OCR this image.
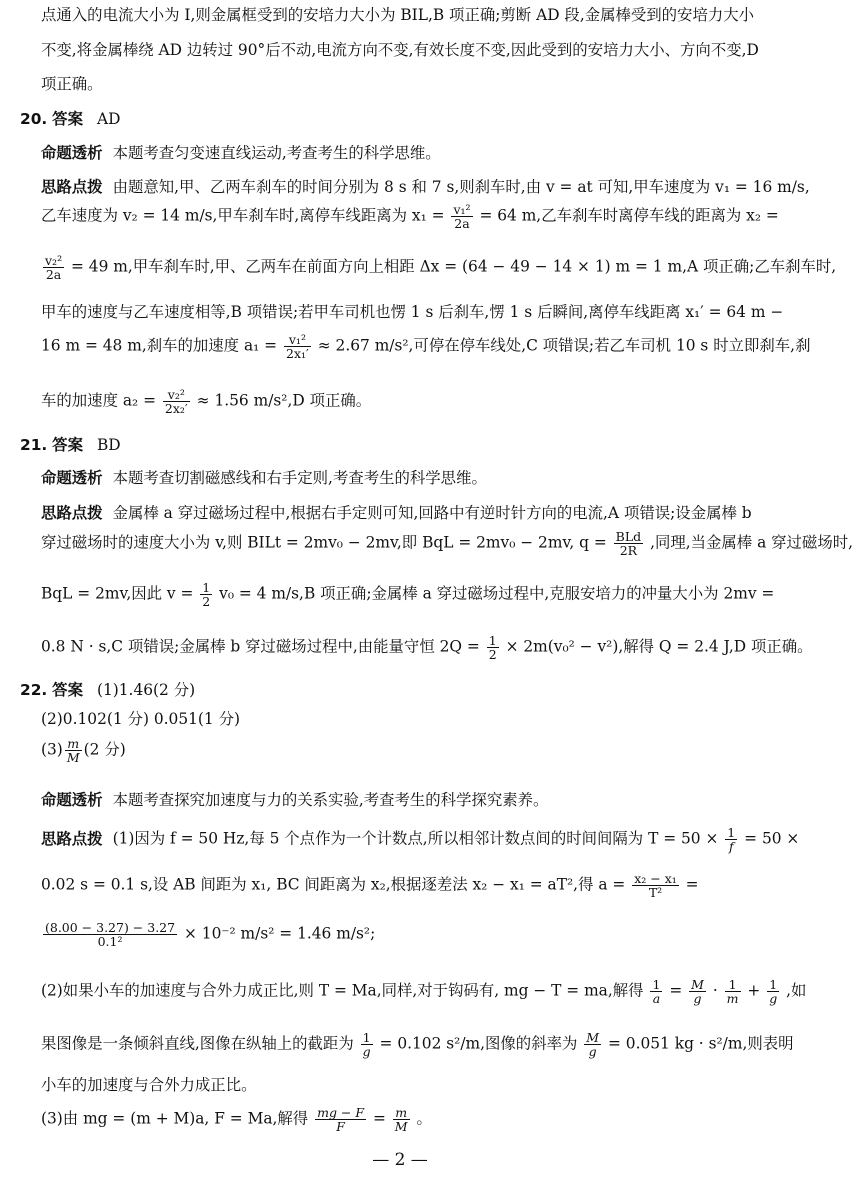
点通入的电流大小为 I,则金属框受到的安培力大小为 BIL,B 项正确;剪断 AD 段,金属棒受到的安培力大小
不变,将金属棒绕 AD 边转过 90°后不动,电流方向不变,有效长度不变,因此受到的安培力大小、方向不变,D
项正确。
20. 答案 AD
命题透析 本题考查匀变速直线运动,考查考生的科学思维。
思路点拨 由题意知,甲、乙两车刹车的时间分别为 8 s 和 7 s,则刹车时,由 v = at 可知,甲车速度为 v₁ = 16 m/s,
乙车速度为 v₂ = 14 m/s,甲车刹车时,离停车线距离为 $x_1 = \frac{\text{v₁²}}{2a} = 64$ m,乙车刹车时离停车线的距离为 x₂ =
$\frac{\text{v₂²}}{2a} = 49$ m,甲车刹车时,甲、乙两车在前面方向上相距 Δx = (64 − 49 − 14 × 1) m = 1 m,A 项正确;乙车刹车时,
甲车的速度与乙车速度相等,B 项错误;若甲车司机也愣 1 s 后刹车,愣 1 s 后瞬间,离停车线距离 x₁′ = 64 m −
16 m = 48 m,刹车的加速度 $a_1 = \frac{\text{v₁²}}{\text{2x₁′}} \approx 2.67$ m/s²,可停在停车线处,C 项错误;若乙车司机 10 s 时立即刹车,刹
车的加速度 $a_2 = \frac{\text{v₂²}}{\text{2x₂′}} \approx 1.56$ m/s²,D 项正确。
21. 答案 BD
命题透析 本题考查切割磁感线和右手定则,考查考生的科学思维。
思路点拨 金属棒 a 穿过磁场过程中,根据右手定则可知,回路中有逆时针方向的电流,A 项错误;设金属棒 b
穿过磁场时的速度大小为 v,则 BILt = 2mv₀ − 2mv,即 BqL = 2mv₀ − 2mv, q = BLd
2R ,同理,当金属棒 a 穿过磁场时,
BqL = 2mv,因此 $v = \frac{1}{2} v_0 = 4$ m/s,B 项正确;金属棒 a 穿过磁场过程中,克服安培力的冲量大小为 2mv =
0.8 N · s,C 项错误;金属棒 b 穿过磁场过程中,由能量守恒 $2Q = \frac{1}{2} \times 2m(v_0^2 - v^2)$,解得 Q = 2.4 J,D 项正确。
22. 答案 (1)1.46(2 分)
(2)0.102(1 分) 0.051(1 分)
$(3) \frac{m}{M} (2$ 分)
命题透析 本题考查探究加速度与力的关系实验,考查考生的科学探究素养。
思路点拨 (1)因为 f = 50 Hz,每 5 个点作为一个计数点,所以相邻计数点间的时间间隔为 $T = 50 \times \frac{1}{f} = 50$ ×
0.02 s = 0.1 s,设 AB 间距为 x₁, BC 间距离为 x₂,根据逐差法 x₂ − x₁ = aT²,得 $a = \frac{\text{x₂ − x₁}}{\text{T²}}$ =
$\frac{(8.00 - 3.27) - 3.27}{\text{0.1²}} \times 10^{-2}$ m/s² = 1.46 m/s²;
(2)如果小车的加速度与合外力成正比,则 T = Ma,同样,对于钩码有, mg − T = ma,解得 $\frac{1}{a} = \frac{M}{g} \cdot \frac{1}{m} + \frac{1}{g}$ ,如
果图像是一条倾斜直线,图像在纵轴上的截距为 $\frac{1}{g} = 0.102$ s²/m,图像的斜率为 $\frac{M}{g} = 0.051$ kg · s²/m,则表明
小车的加速度与合外力成正比。
(3)由 mg = (m + M)a, F = Ma,解得 $\frac{mg - F}{F} = \frac{m}{M}$ 。
— 2 —
